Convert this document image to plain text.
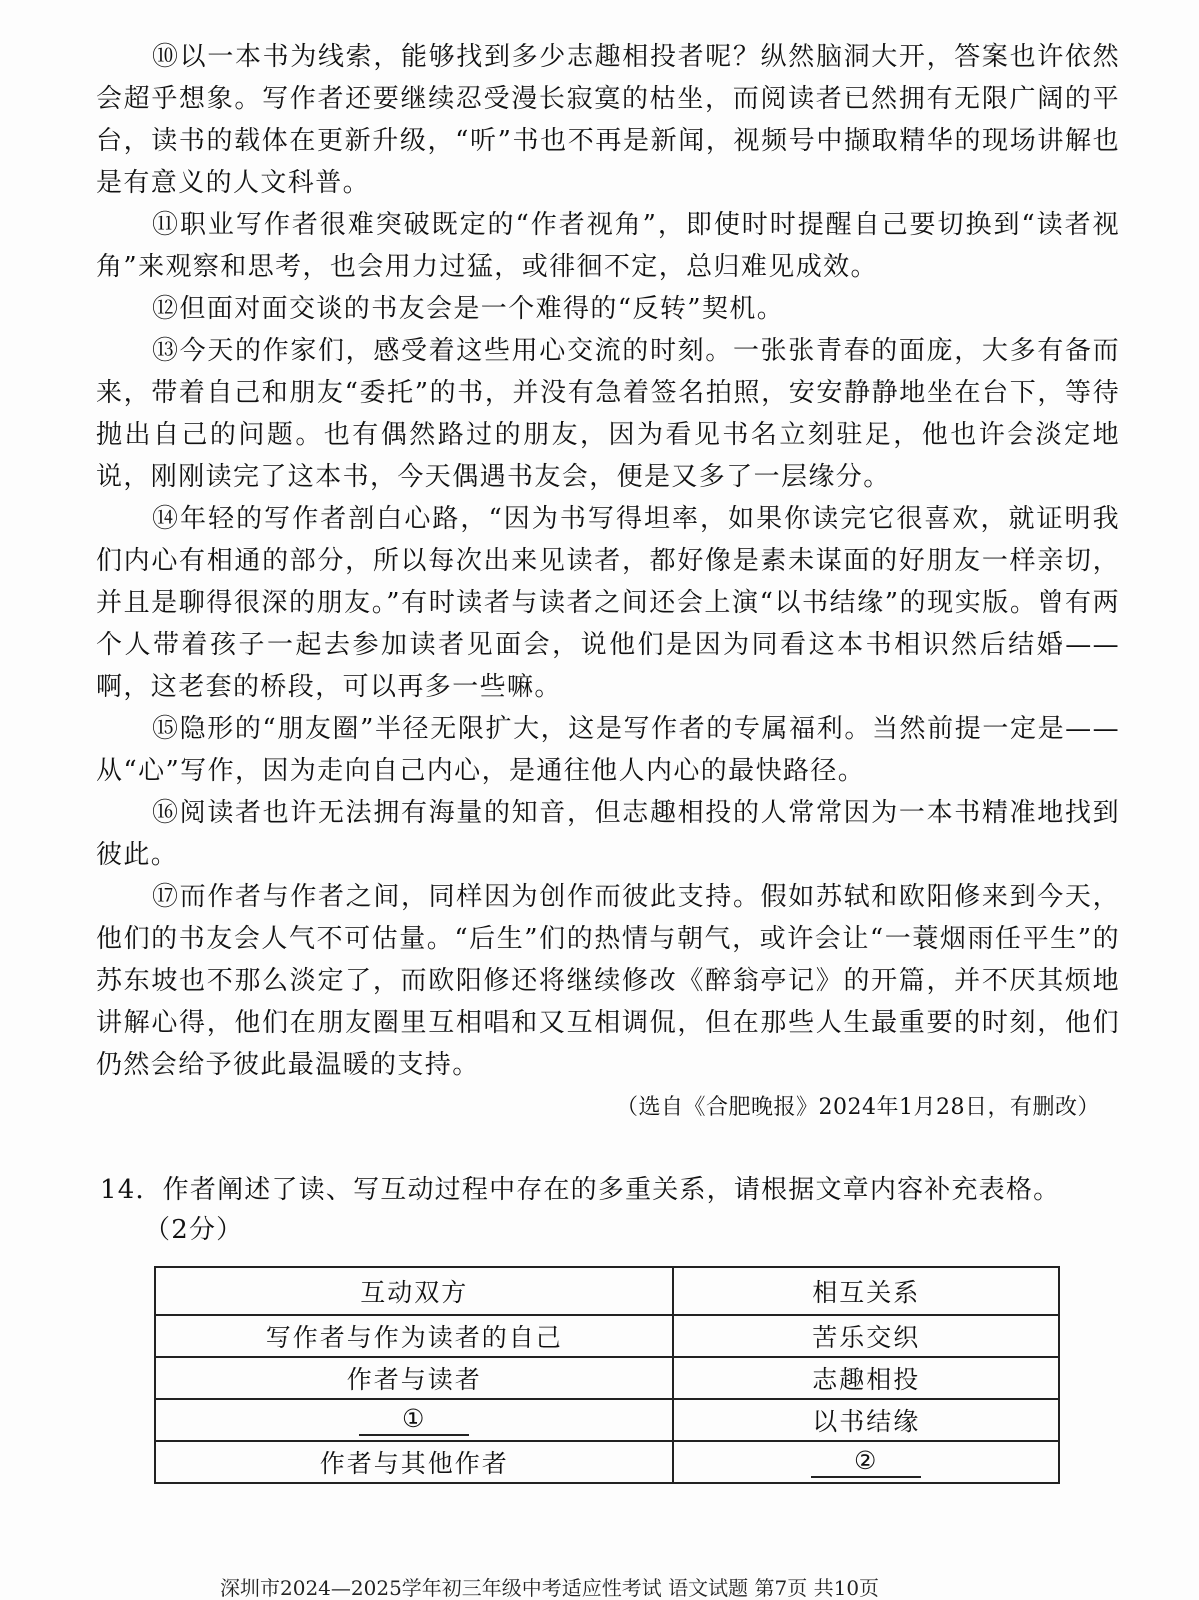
⑩以一本书为线索，能够找到多少志趣相投者呢？纵然脑洞大开，答案也许依然会超乎想象。写作者还要继续忍受漫长寂寞的枯坐，而阅读者已然拥有无限广阔的平台，读书的载体在更新升级，“听”书也不再是新闻，视频号中撷取精华的现场讲解也是有意义的人文科普。

⑪职业写作者很难突破既定的“作者视角”，即使时时提醒自己要切换到“读者视角”来观察和思考，也会用力过猛，或徘徊不定，总归难见成效。

⑫但面对面交谈的书友会是一个难得的“反转”契机。

⑬今天的作家们，感受着这些用心交流的时刻。一张张青春的面庞，大多有备而来，带着自己和朋友“委托”的书，并没有急着签名拍照，安安静静地坐在台下，等待抛出自己的问题。也有偶然路过的朋友，因为看见书名立刻驻足，他也许会淡定地说，刚刚读完了这本书，今天偶遇书友会，便是又多了一层缘分。

⑭年轻的写作者剖白心路，“因为书写得坦率，如果你读完它很喜欢，就证明我们内心有相通的部分，所以每次出来见读者，都好像是素未谋面的好朋友一样亲切，并且是聊得很深的朋友。”有时读者与读者之间还会上演“以书结缘”的现实版。曾有两个人带着孩子一起去参加读者见面会，说他们是因为同看这本书相识然后结婚——啊，这老套的桥段，可以再多一些嘛。

⑮隐形的“朋友圈”半径无限扩大，这是写作者的专属福利。当然前提一定是——从“心”写作，因为走向自己内心，是通往他人内心的最快路径。

⑯阅读者也许无法拥有海量的知音，但志趣相投的人常常因为一本书精准地找到彼此。

⑰而作者与作者之间，同样因为创作而彼此支持。假如苏轼和欧阳修来到今天，他们的书友会人气不可估量。“后生”们的热情与朝气，或许会让“一蓑烟雨任平生”的苏东坡也不那么淡定了，而欧阳修还将继续修改《醉翁亭记》的开篇，并不厌其烦地讲解心得，他们在朋友圈里互相唱和又互相调侃，但在那些人生最重要的时刻，他们仍然会给予彼此最温暖的支持。

（选自《合肥晚报》2024年1月28日，有删改）

14．作者阐述了读、写互动过程中存在的多重关系，请根据文章内容补充表格。
（2分）
互动双方	相互关系
写作者与作为读者的自己	苦乐交织
作者与读者	志趣相投
①	以书结缘
作者与其他作者	②
深圳市2024—2025学年初三年级中考适应性考试 语文试题 第7页 共10页
